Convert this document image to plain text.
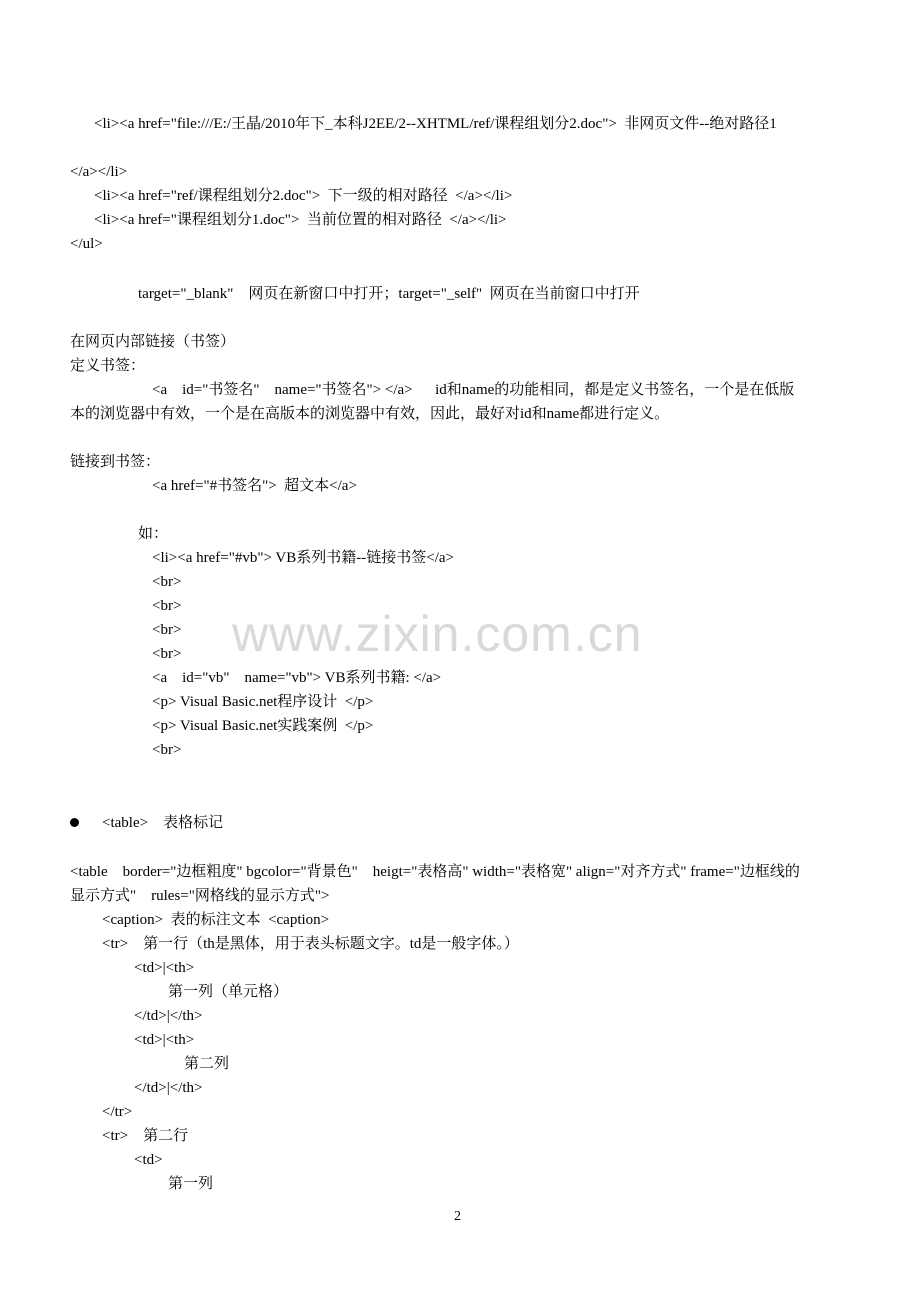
www.zixin.com.cn
<li><a href="file:///E:/王晶/2010年下_本科J2EE/2--XHTML/ref/课程组划分2.doc">  非网页文件--绝对路径1
</a></li>
<li><a href="ref/课程组划分2.doc">  下一级的相对路径  </a></li>
<li><a href="课程组划分1.doc">  当前位置的相对路径  </a></li>
</ul>
target="_blank"    网页在新窗口中打开；target="_self"  网页在当前窗口中打开
在网页内部链接（书签）
定义书签：
<a    id="书签名"    name="书签名"> </a>      id和name的功能相同，都是定义书签名，一个是在低版
本的浏览器中有效，一个是在高版本的浏览器中有效，因此，最好对id和name都进行定义。
链接到书签：
<a href="#书签名">  超文本</a>
如：
<li><a href="#vb"> VB系列书籍--链接书签</a>
<br>
<br>
<br>
<br>
<a    id="vb"    name="vb"> VB系列书籍: </a>
<p> Visual Basic.net程序设计  </p>
<p> Visual Basic.net实践案例  </p>
<br>
<table>    表格标记
<table    border="边框粗度" bgcolor="背景色"    heigt="表格高" width="表格宽" align="对齐方式" frame="边框线的
显示方式"    rules="网格线的显示方式">
<caption>  表的标注文本  <caption>
<tr>    第一行（th是黑体，用于表头标题文字。td是一般字体。）
<td>|<th>
第一列（单元格）
</td>|</th>
<td>|<th>
第二列
</td>|</th>
</tr>
<tr>    第二行
<td>
第一列
2
